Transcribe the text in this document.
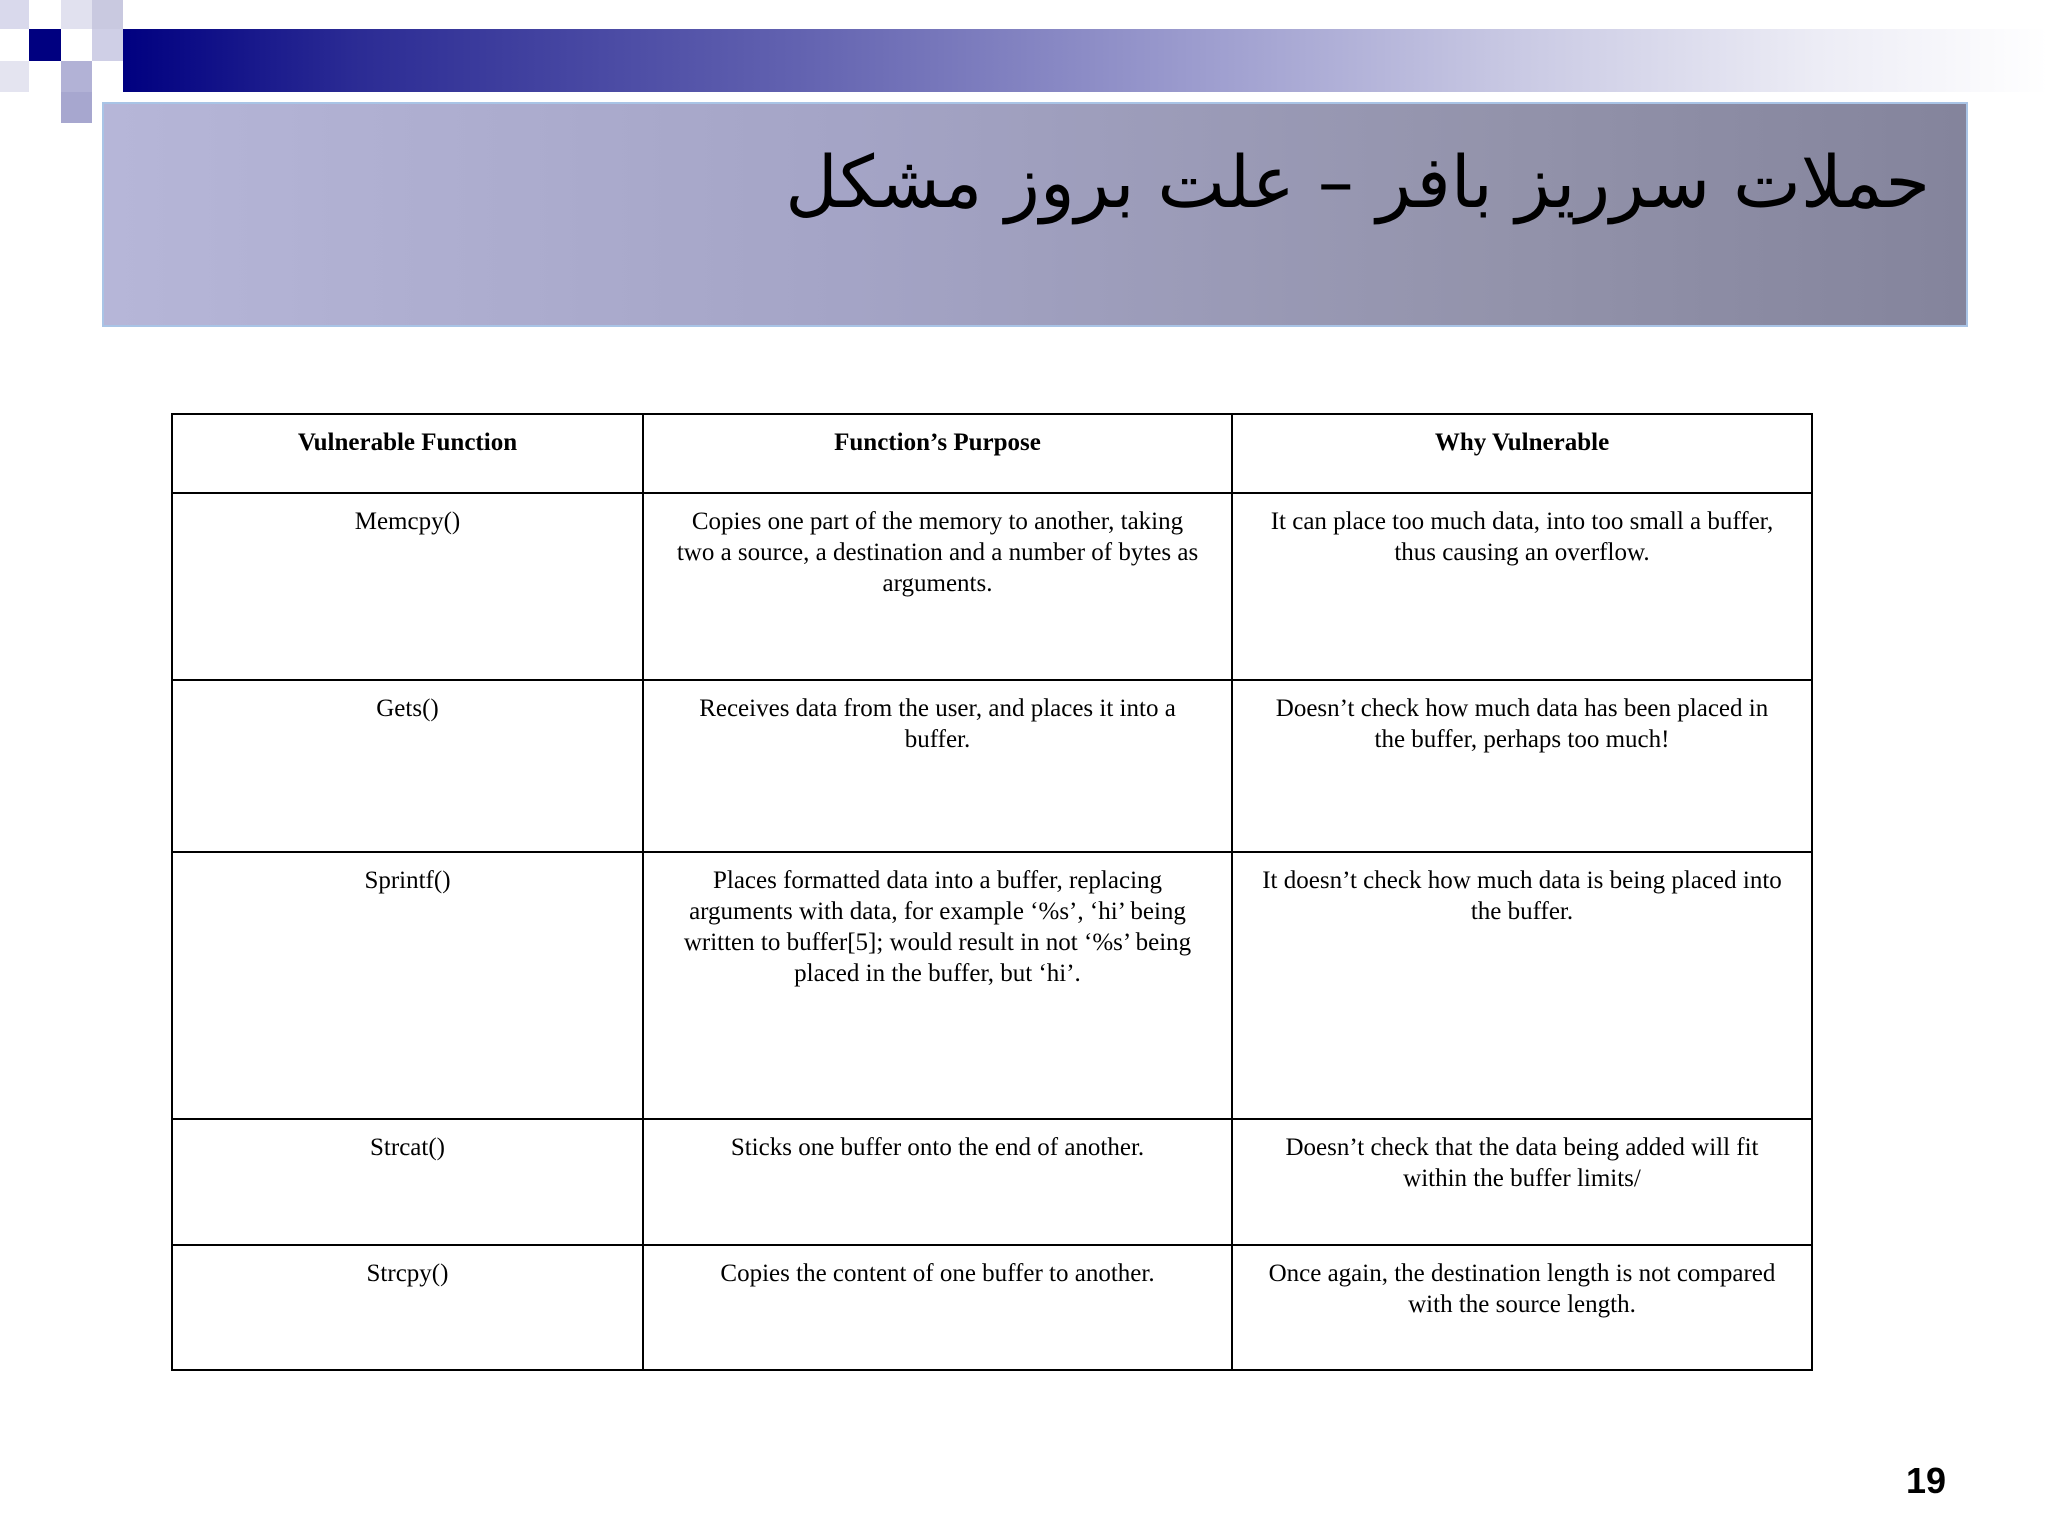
حملات سرریز بافر – علت بروز مشکل
Vulnerable Function	Function’s Purpose	Why Vulnerable
Memcpy()	Copies one part of the memory to another, taking two a source, a destination and a number of bytes as arguments.	It can place too much data, into too small a buffer, thus causing an overflow.
Gets()	Receives data from the user, and places it into a buffer.	Doesn’t check how much data has been placed in the buffer, perhaps too much!
Sprintf()	Places formatted data into a buffer, replacing arguments with data, for example ‘%s’, ‘hi’ being written to buffer[5]; would result in not ‘%s’ being placed in the buffer, but ‘hi’.	It doesn’t check how much data is being placed into the buffer.
Strcat()	Sticks one buffer onto the end of another.	Doesn’t check that the data being added will fit within the buffer limits/
Strcpy()	Copies the content of one buffer to another.	Once again, the destination length is not compared with the source length.
19
